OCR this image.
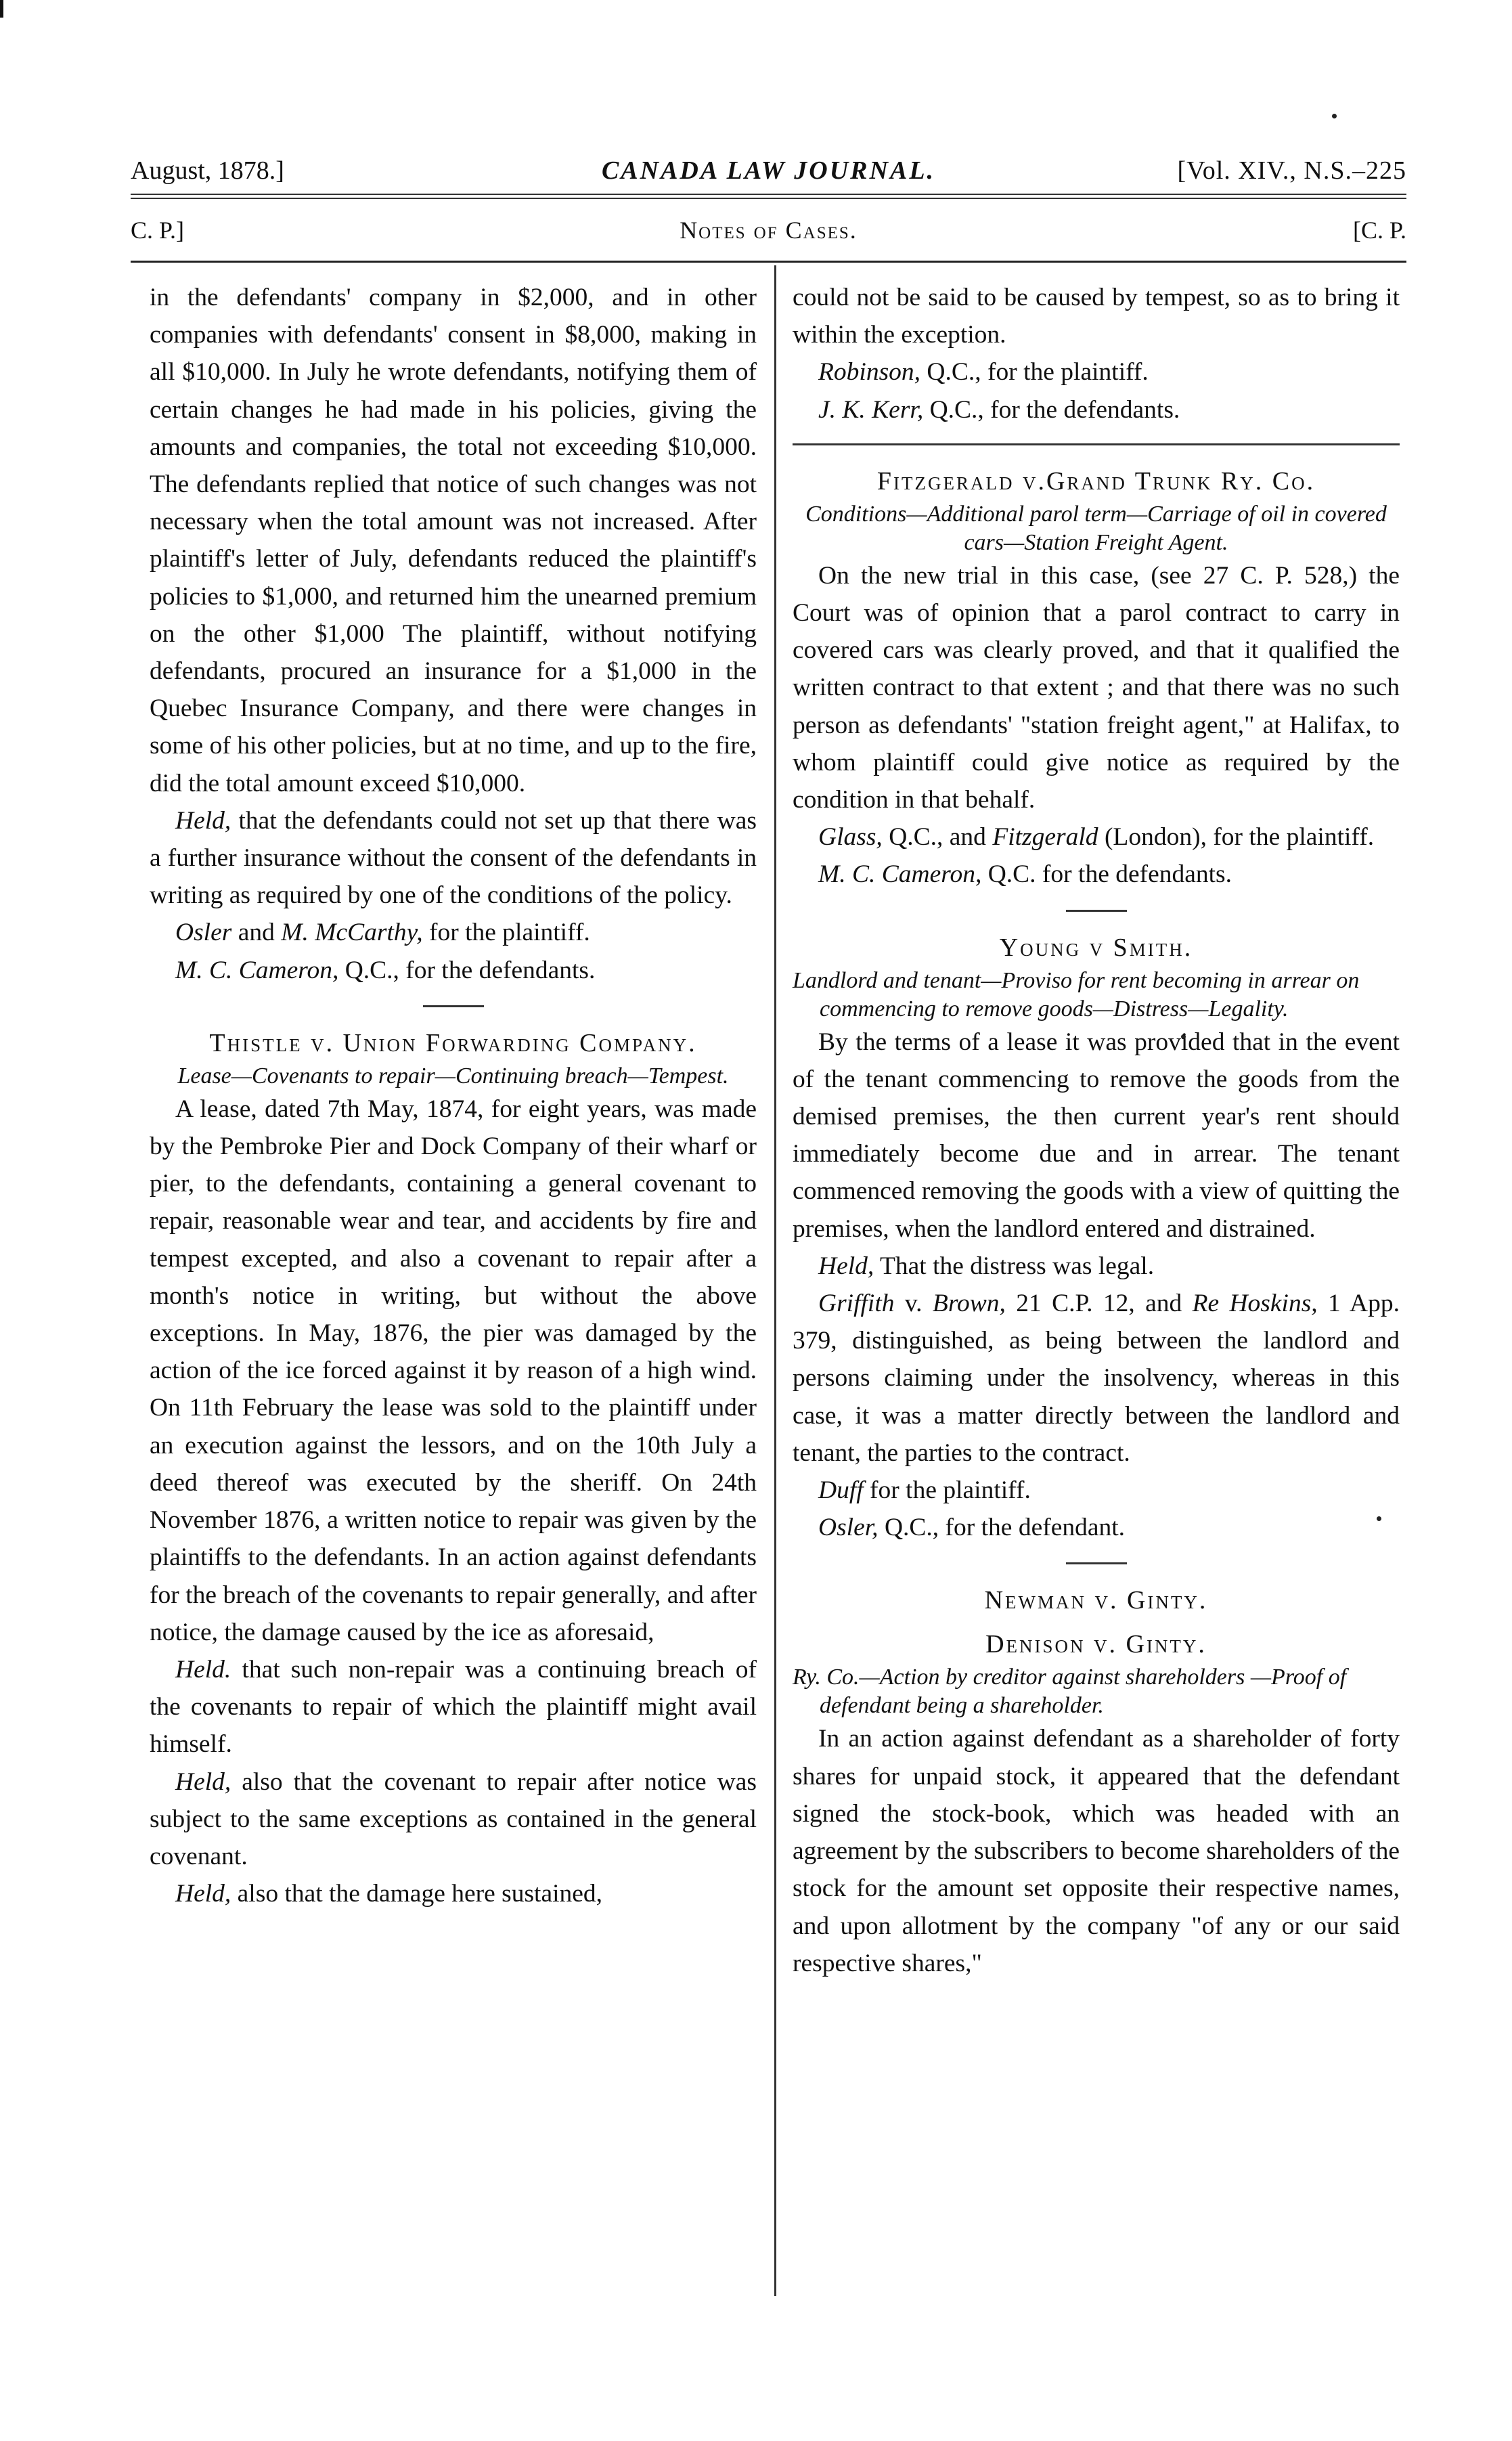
August, 1878.]	CANADA LAW JOURNAL.	[Vol. XIV., N.S.–225
C. P.]	Notes of Cases.	[C. P.

in the defendants' company in $2,000, and in other companies with defendants' consent in $8,000, making in all $10,000. In July he wrote defendants, notifying them of certain changes he had made in his policies, giving the amounts and companies, the total not exceeding $10,000. The defendants replied that notice of such changes was not necessary when the total amount was not increased. After plaintiff's letter of July, defendants reduced the plaintiff's policies to $1,000, and returned him the unearned premium on the other $1,000 The plaintiff, without notifying defendants, procured an insurance for a $1,000 in the Quebec Insurance Company, and there were changes in some of his other policies, but at no time, and up to the fire, did the total amount exceed $10,000.

Held, that the defendants could not set up that there was a further insurance without the consent of the defendants in writing as required by one of the conditions of the policy.

Osler and M. McCarthy, for the plaintiff.

M. C. Cameron, Q.C., for the defendants.

Thistle v. Union Forwarding Company.

Lease—Covenants to repair—Continuing breach—Tempest.

A lease, dated 7th May, 1874, for eight years, was made by the Pembroke Pier and Dock Company of their wharf or pier, to the defendants, containing a general covenant to repair, reasonable wear and tear, and accidents by fire and tempest excepted, and also a covenant to repair after a month's notice in writing, but without the above exceptions. In May, 1876, the pier was damaged by the action of the ice forced against it by reason of a high wind. On 11th February the lease was sold to the plaintiff under an execution against the lessors, and on the 10th July a deed thereof was executed by the sheriff. On 24th November 1876, a written notice to repair was given by the plaintiffs to the defendants. In an action against defendants for the breach of the covenants to repair generally, and after notice, the damage caused by the ice as aforesaid,

Held. that such non-repair was a continuing breach of the covenants to repair of which the plaintiff might avail himself.

Held, also that the covenant to repair after notice was subject to the same exceptions as contained in the general covenant.

Held, also that the damage here sustained,

could not be said to be caused by tempest, so as to bring it within the exception.

Robinson, Q.C., for the plaintiff.

J. K. Kerr, Q.C., for the defendants.

Fitzgerald v.Grand Trunk Ry. Co.

Conditions—Additional parol term—Carriage of oil in covered cars—Station Freight Agent.

On the new trial in this case, (see 27 C. P. 528,) the Court was of opinion that a parol contract to carry in covered cars was clearly proved, and that it qualified the written contract to that extent ; and that there was no such person as defendants' "station freight agent," at Halifax, to whom plaintiff could give notice as required by the condition in that behalf.

Glass, Q.C., and Fitzgerald (London), for the plaintiff.

M. C. Cameron, Q.C. for the defendants.

Young v Smith.

Landlord and tenant—Proviso for rent becoming in arrear on commencing to remove goods—Distress—Legality.

By the terms of a lease it was provided that in the event of the tenant commencing to remove the goods from the demised premises, the then current year's rent should immediately become due and in arrear. The tenant commenced removing the goods with a view of quitting the premises, when the landlord entered and distrained.

Held, That the distress was legal.

Griffith v. Brown, 21 C.P. 12, and Re Hoskins, 1 App. 379, distinguished, as being between the landlord and persons claiming under the insolvency, whereas in this case, it was a matter directly between the landlord and tenant, the parties to the contract.

Duff for the plaintiff.

Osler, Q.C., for the defendant.

Newman v. Ginty.

Denison v. Ginty.

Ry. Co.—Action by creditor against shareholders —Proof of defendant being a shareholder.

In an action against defendant as a shareholder of forty shares for unpaid stock, it appeared that the defendant signed the stock-book, which was headed with an agreement by the subscribers to become shareholders of the stock for the amount set opposite their respective names, and upon allotment by the company "of any or our said respective shares,"
